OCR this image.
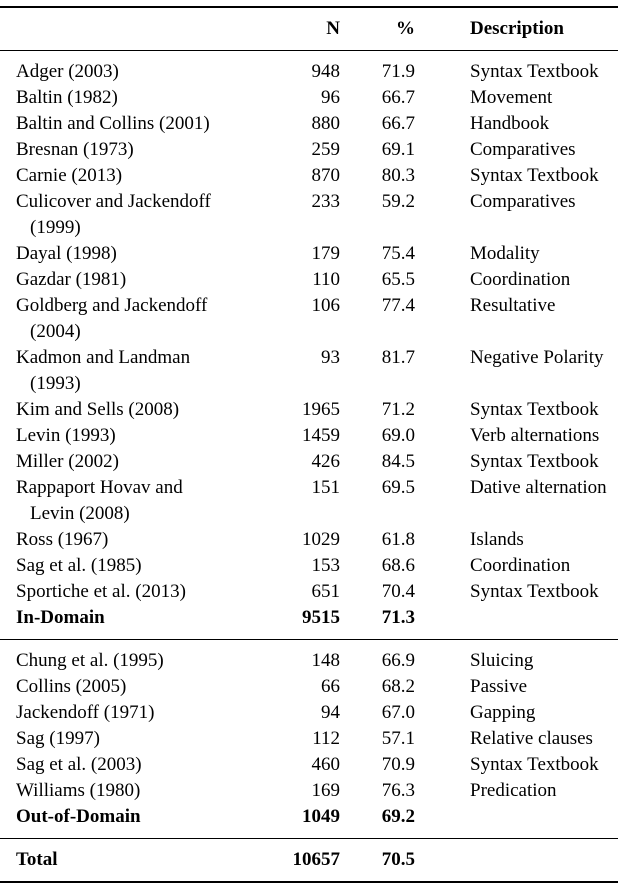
	N	%	Description
Adger (2003)	948	71.9	Syntax Textbook
Baltin (1982)	96	66.7	Movement
Baltin and Collins (2001)	880	66.7	Handbook
Bresnan (1973)	259	69.1	Comparatives
Carnie (2013)	870	80.3	Syntax Textbook
Culicover and Jackendoff (1999)	233	59.2	Comparatives
Dayal (1998)	179	75.4	Modality
Gazdar (1981)	110	65.5	Coordination
Goldberg and Jackendoff (2004)	106	77.4	Resultative
Kadmon and Landman (1993)	93	81.7	Negative Polarity
Kim and Sells (2008)	1965	71.2	Syntax Textbook
Levin (1993)	1459	69.0	Verb alternations
Miller (2002)	426	84.5	Syntax Textbook
Rappaport Hovav and Levin (2008)	151	69.5	Dative alternation
Ross (1967)	1029	61.8	Islands
Sag et al. (1985)	153	68.6	Coordination
Sportiche et al. (2013)	651	70.4	Syntax Textbook
In-Domain	9515	71.3	
Chung et al. (1995)	148	66.9	Sluicing
Collins (2005)	66	68.2	Passive
Jackendoff (1971)	94	67.0	Gapping
Sag (1997)	112	57.1	Relative clauses
Sag et al. (2003)	460	70.9	Syntax Textbook
Williams (1980)	169	76.3	Predication
Out-of-Domain	1049	69.2	
Total	10657	70.5	
